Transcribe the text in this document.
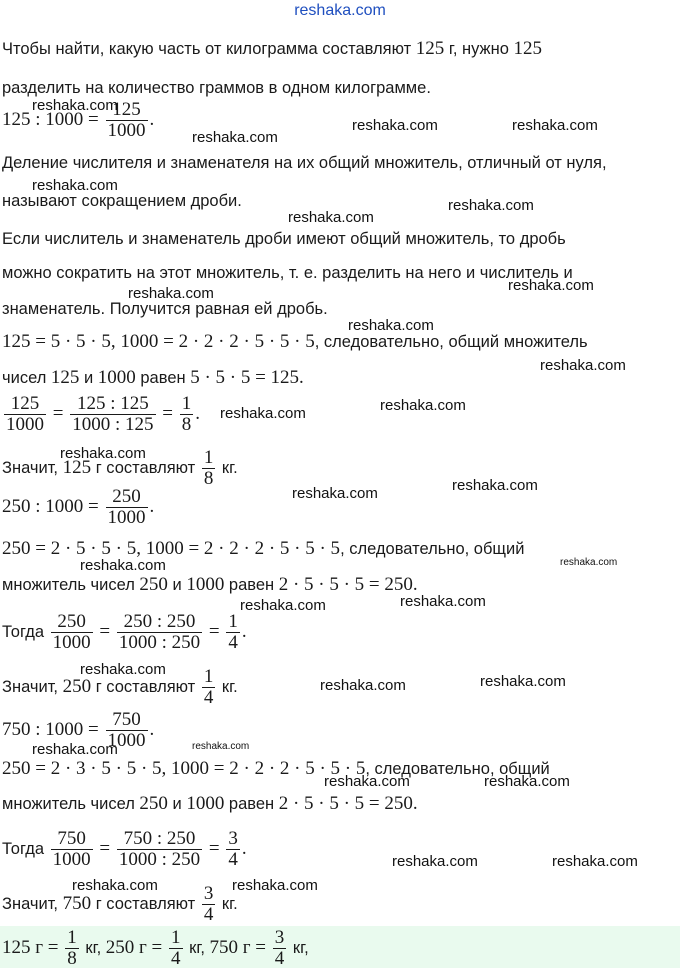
reshaka.com
Чтобы найти, какую часть от килограмма составляют 125 г, нужно 125
разделить на количество граммов в одном килограмме.
125 : $1000 = \frac{125}{1000}$ .
Деление числителя и знаменателя на их общий множитель, отличный от нуля,
называют сокращением дроби.
Если числитель и знаменатель дроби имеют общий множитель, то дробь
можно сократить на этот множитель, т. е. разделить на него и числитель и
знаменатель. Получится равная ей дробь.
125 = 5 · 5 · 5, 1000 = 2 · 2 · 2 · 5 · 5 · 5, следовательно, общий множитель
чисел 125 и 1000 равен 5 · 5 · 5 = 125.
$\frac{125}{1000} = \frac{125 : 125}{1000 : 125} = \frac{1}{8}$ .
Значит, 125 г составляют $\frac{1}{8}$ кг.
250 : $1000 = \frac{250}{1000}$ .
250 = 2 · 5 · 5 · 5, 1000 = 2 · 2 · 2 · 5 · 5 · 5, следовательно, общий
множитель чисел 250 и 1000 равен 2 · 5 · 5 · 5 = 250.
Тогда $\frac{250}{1000} = \frac{250 : 250}{1000 : 250} = \frac{1}{4}$ .
Значит, 250 г составляют $\frac{1}{4}$ кг.
750 : $1000 = \frac{750}{1000}$ .
250 = 2 · 3 · 5 · 5 · 5, 1000 = 2 · 2 · 2 · 5 · 5 · 5, следовательно, общий
множитель чисел 250 и 1000 равен 2 · 5 · 5 · 5 = 250.
Тогда $\frac{750}{1000} = \frac{750 : 250}{1000 : 250} = \frac{3}{4}$ .
Значит, 750 г составляют $\frac{3}{4}$ кг.
125 $г = \frac{1}{8}$ кг, 250 $г = \frac{1}{4}$ кг, 750 $г = \frac{3}{4}$ кг,
reshaka.com
reshaka.com
reshaka.com	reshaka.com
reshaka.com
reshaka.com
reshaka.com
reshaka.com	reshaka.com
reshaka.com
reshaka.com
reshaka.com	reshaka.com
reshaka.com
reshaka.com	reshaka.com
reshaka.com	reshaka.com
reshaka.com	reshaka.com
reshaka.com
reshaka.com	reshaka.com
reshaka.com	reshaka.com
reshaka.com	reshaka.com
reshaka.com	reshaka.com
reshaka.com	reshaka.com
